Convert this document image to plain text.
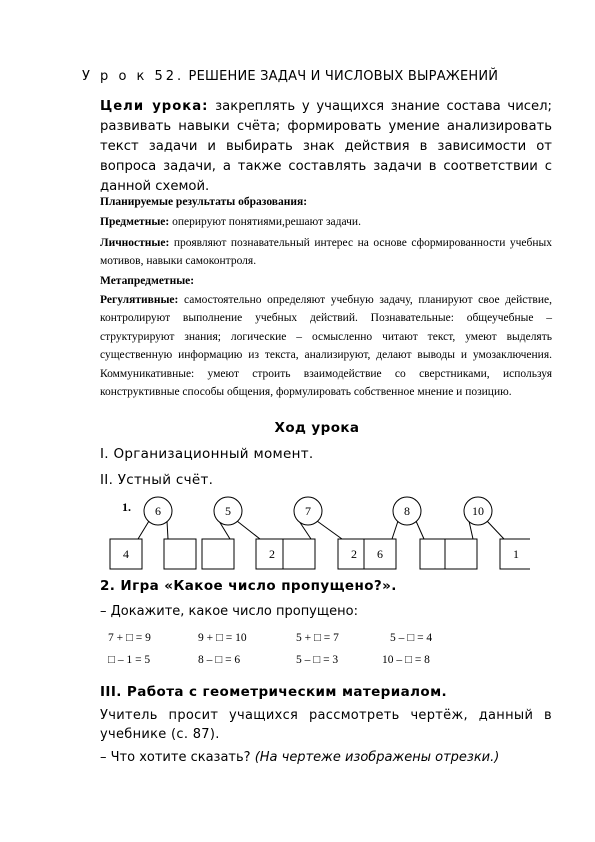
У р о к 52. РЕШЕНИЕ ЗАДАЧ И ЧИСЛОВЫХ ВЫРАЖЕНИЙ
Цели урока: закреплять у учащихся знание состава чисел; развивать навыки счёта; формировать умение анализировать текст задачи и выбирать знак действия в зависимости от вопроса задачи, а также составлять задачи в соответствии с данной схемой.
Планируемые результаты образования:
Предметные: оперируют понятиями,решают задачи.
Личностные: проявляют познавательный интерес на основе сформированности учебных мотивов, навыки самоконтроля.
Метапредметные:
Регулятивные: самостоятельно определяют учебную задачу, планируют свое действие, контролируют выполнение учебных действий. Познавательные: общеучебные – структурируют знания; логические – осмысленно читают текст, умеют выделять существенную информацию из текста, анализируют, делают выводы и умозаключения. Коммуникативные: умеют строить взаимодействие со сверстниками, используя конструктивные способы общения, формулировать собственное мнение и позицию.
Ход урока
I. Организационный момент.
II. Устный счёт.
1. 6
4
5
2
7
2
8
6
10
1
2. Игра «Какое число пропущено?».
– Докажите, какое число пропущено:
7 + □ = 9	9 + □ = 10	5 + □ = 7	5 – □ = 4
□ – 1 = 5	8 – □ = 6	5 – □ = 3	10 – □ = 8
III. Работа с геометрическим материалом.
Учитель просит учащихся рассмотреть чертёж, данный в учебнике (с. 87).
– Что хотите сказать? (На чертеже изображены отрезки.)
